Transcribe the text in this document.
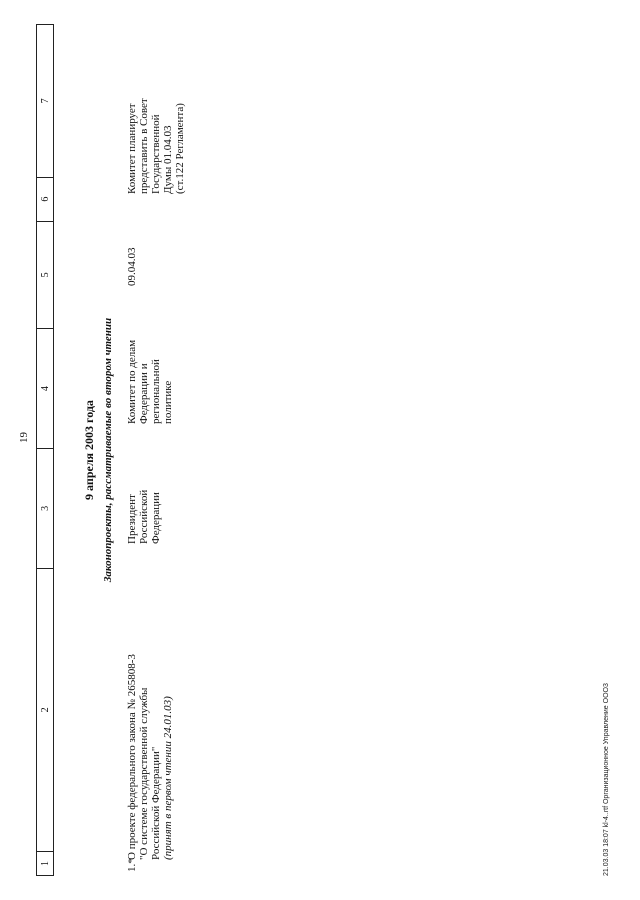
19
1
2
3
4
5
6
7
9 апреля 2003 года Законопроекты, рассматриваемые во втором чтении
1.*
О проекте федерального закона № 265808-3 "О системе государственной службы Российской Федерации" (принят в первом чтении 24.01.03)
Президент Российской Федерации
Комитет по делам Федерации и региональной политике
09.04.03
Комитет планирует представить в Совет Государственной Думы 01.04.03 (ст.122 Регламента)
21.03.03 18:07 kl-4..rtf Организационное Управление ООО3
